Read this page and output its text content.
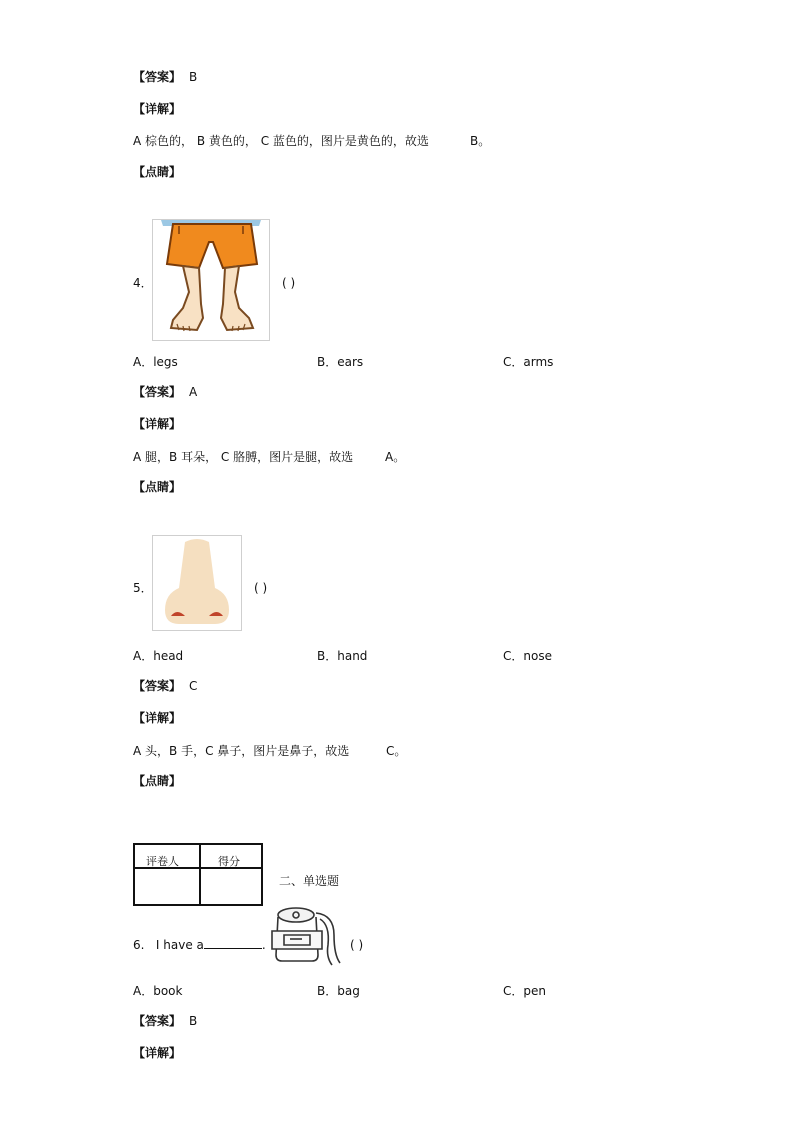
【答案】 B
【详解】
A 棕色的， B 黄色的， C 蓝色的，图片是黄色的，故选	B。
【点睛】
4．	( )
A．legs	B．ears	C．arms
【答案】 A
【详解】
A 腿，B 耳朵， C 胳膊，图片是腿，故选	A。
【点睛】
5．	( )
A．head	B．hand	C．nose
【答案】 C
【详解】
A 头，B 手，C 鼻子，图片是鼻子，故选	C。
【点睛】
评卷人	得分
二、单选题
6. I have a	.	( )
A．book	B．bag	C．pen
【答案】 B
【详解】
